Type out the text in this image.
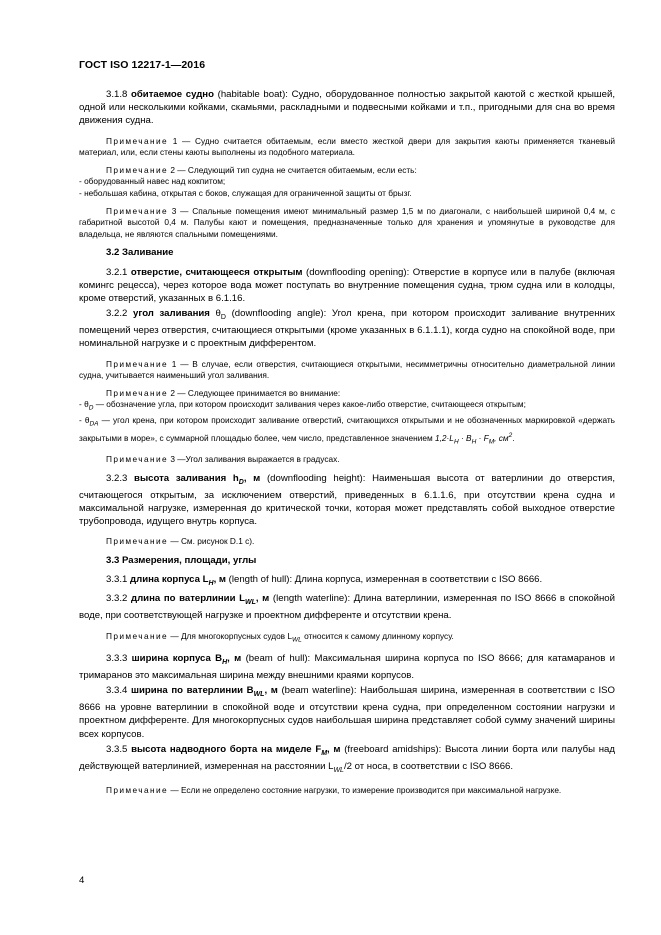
ГОСТ ISO 12217-1—2016

3.1.8 обитаемое судно (habitable boat): Судно, оборудованное полностью закрытой каютой с жесткой крышей, одной или несколькими койками, скамьями, раскладными и подвесными койками и т.п., пригодными для сна во время движения судна.

Примечание 1 — Судно считается обитаемым, если вместо жесткой двери для закрытия каюты применяется тканевый материал, или, если стены каюты выполнены из подобного материала.

Примечание 2 — Следующий тип судна не считается обитаемым, если есть:

- оборудованный навес над кокпитом;

- небольшая кабина, открытая с боков, служащая для ограниченной защиты от брызг.

Примечание 3 — Спальные помещения имеют минимальный размер 1,5 м по диагонали, с наибольшей шириной 0,4 м, с габаритной высотой 0,4 м. Палубы кают и помещения, предназначенные только для хранения и упомянутые в руководстве для владельца, не являются спальными помещениями.

3.2 Заливание

3.2.1 отверстие, считающееся открытым (downflooding opening): Отверстие в корпусе или в палубе (включая комингс рецесса), через которое вода может поступать во внутренние помещения судна, трюм судна или в колодцы, кроме отверстий, указанных в 6.1.16.

3.2.2 угол заливания $\theta_D$ (downflooding angle): Угол крена, при котором происходит заливание внутренних помещений через отверстия, считающиеся открытыми (кроме указанных в 6.1.1.1), когда судно на спокойной воде, при номинальной нагрузке и с проектным дифферентом.

Примечание 1 — В случае, если отверстия, считающиеся открытыми, несимметричны относительно диаметральной линии судна, учитывается наименьший угол заливания.

Примечание 2 — Следующее принимается во внимание:

- $\theta_D$ — обозначение угла, при котором происходит заливания через какое-либо отверстие, считающееся открытым;

- $\theta_{DA}$ — угол крена, при котором происходит заливание отверстий, считающихся открытыми и не обозначенных маркировкой «держать закрытыми в море», с суммарной площадью более, чем число, представленное значением $1,2\cdot L_H \cdot B_H \cdot F_M$, $см^2$.

Примечание 3 —Угол заливания выражается в градусах.

3.2.3 высота заливания $h_D$, м (downflooding height): Наименьшая высота от ватерлинии до отверстия, считающегося открытым, за исключением отверстий, приведенных в 6.1.1.6, при отсутствии крена судна и максимальной нагрузке, измеренная до критической точки, которая может представлять собой выходное отверстие трубопровода, идущего внутрь корпуса.

Примечание — См. рисунок D.1 c).

3.3 Размерения, площади, углы

3.3.1 длина корпуса $L_H$, м (length of hull): Длина корпуса, измеренная в соответствии с ISO 8666.

3.3.2 длина по ватерлинии $L_{WL}$, м (length waterline): Длина ватерлинии, измеренная по ISO 8666 в спокойной воде, при соответствующей нагрузке и проектном дифференте и отсутствии крена.

Примечание — Для многокорпусных судов $L_{WL}$ относится к самому длинному корпусу.

3.3.3 ширина корпуса $B_H$, м (beam of hull): Максимальная ширина корпуса по ISO 8666; для катамаранов и тримаранов это максимальная ширина между внешними краями корпусов.

3.3.4 ширина по ватерлинии $B_{WL}$, м (beam waterline): Наибольшая ширина, измеренная в соответствии с ISO 8666 на уровне ватерлинии в спокойной воде и отсутствии крена судна, при определенном состоянии нагрузки и проектном дифференте. Для многокорпусных судов наибольшая ширина представляет собой сумму значений ширины всех корпусов.

3.3.5 высота надводного борта на миделе $F_M$, м (freeboard amidships): Высота линии борта или палубы над действующей ватерлинией, измеренная на расстоянии $L_{WL}/2$ от носа, в соответствии с ISO 8666.

Примечание — Если не определено состояние нагрузки, то измерение производится при максимальной нагрузке.

4
